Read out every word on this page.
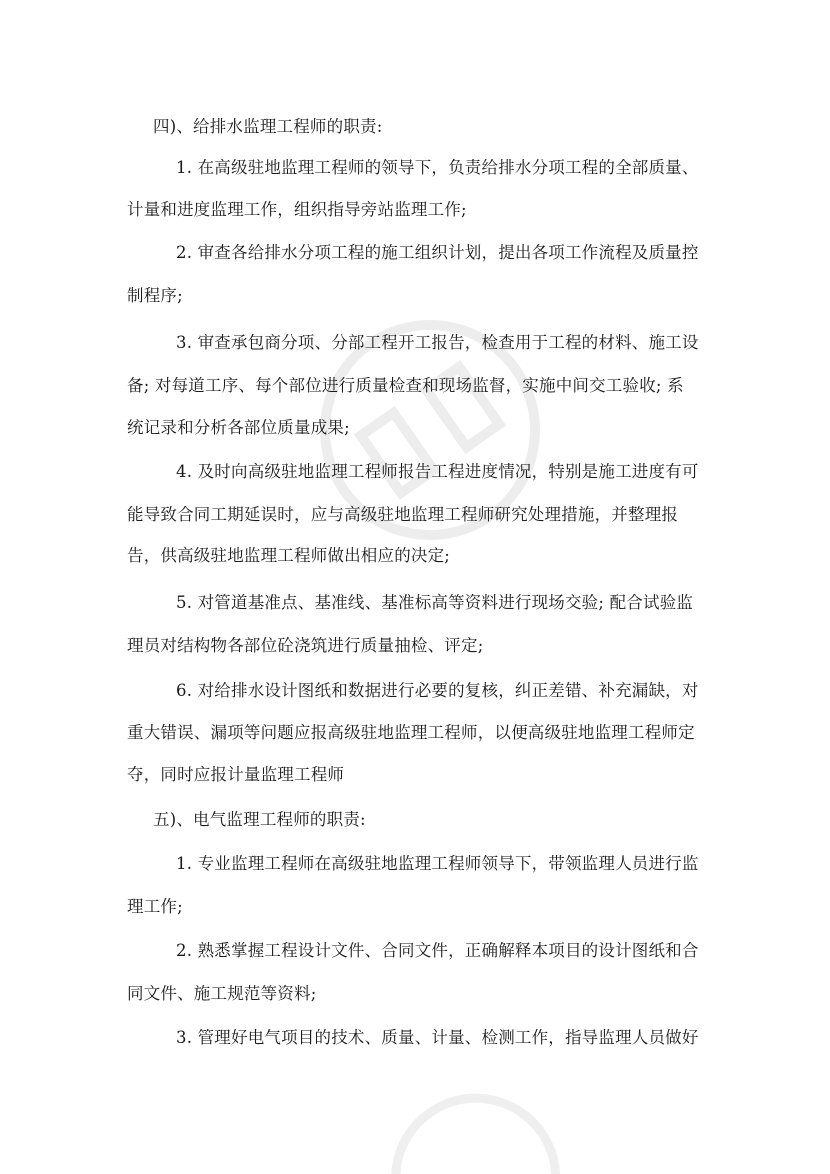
四)、给排水监理工程师的职责:
1. 在高级驻地监理工程师的领导下，负责给排水分项工程的全部质量、
计量和进度监理工作，组织指导旁站监理工作;
2. 审查各给排水分项工程的施工组织计划，提出各项工作流程及质量控
制程序;
3. 审查承包商分项、分部工程开工报告，检查用于工程的材料、施工设
备; 对每道工序、每个部位进行质量检查和现场监督，实施中间交工验收; 系
统记录和分析各部位质量成果;
4. 及时向高级驻地监理工程师报告工程进度情况，特别是施工进度有可
能导致合同工期延误时，应与高级驻地监理工程师研究处理措施，并整理报
告，供高级驻地监理工程师做出相应的决定;
5. 对管道基准点、基准线、基准标高等资料进行现场交验; 配合试验监
理员对结构物各部位砼浇筑进行质量抽检、评定;
6. 对给排水设计图纸和数据进行必要的复核，纠正差错、补充漏缺，对
重大错误、漏项等问题应报高级驻地监理工程师，以便高级驻地监理工程师定
夺，同时应报计量监理工程师
五)、电气监理工程师的职责:
1. 专业监理工程师在高级驻地监理工程师领导下，带领监理人员进行监
理工作;
2. 熟悉掌握工程设计文件、合同文件，正确解释本项目的设计图纸和合
同文件、施工规范等资料;
3. 管理好电气项目的技术、质量、计量、检测工作，指导监理人员做好
